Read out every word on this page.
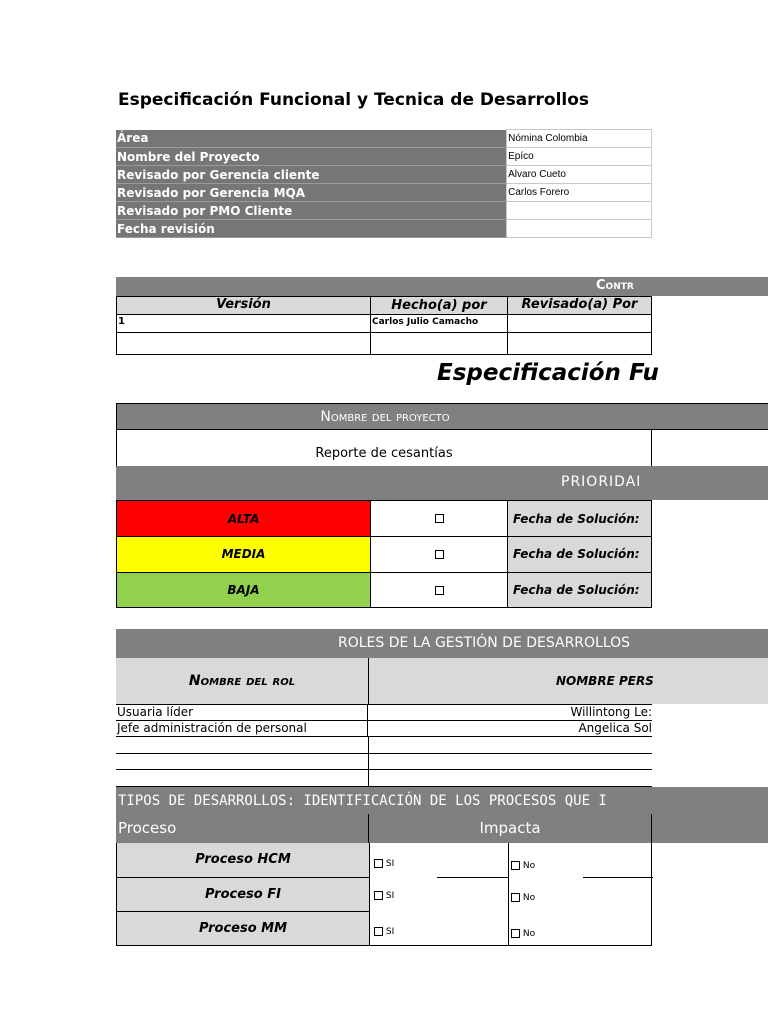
Especificación Funcional y Tecnica de Desarrollos
Área	Nómina Colombia
Nombre del Proyecto	Epíco
Revisado por Gerencia cliente	Alvaro Cueto
Revisado por Gerencia MQA	Carlos Forero
Revisado por PMO Cliente	
Fecha revisión	
Contr
Versión	Hecho(a) por	Revisado(a) Por
1	Carlos Julio Camacho
Especificación Fu
Nombre del proyecto
Reporte de cesantías
PRIORIDAI
ALTA	Fecha de Solución:
MEDIA	Fecha de Solución:
BAJA	Fecha de Solución:
ROLES DE LA GESTIÓN DE DESARROLLOS
Nombre del rol	NOMBRE PERS
Usuaria líder	Willintong Le:
Jefe administración de personal	Angelica Sol
TIPOS DE DESARROLLOS: IDENTIFICACIÓN DE LOS PROCESOS QUE I
Proceso	Impacta
Proceso HCM	SI	No
Proceso FI	SI	No
Proceso MM	SI	No
